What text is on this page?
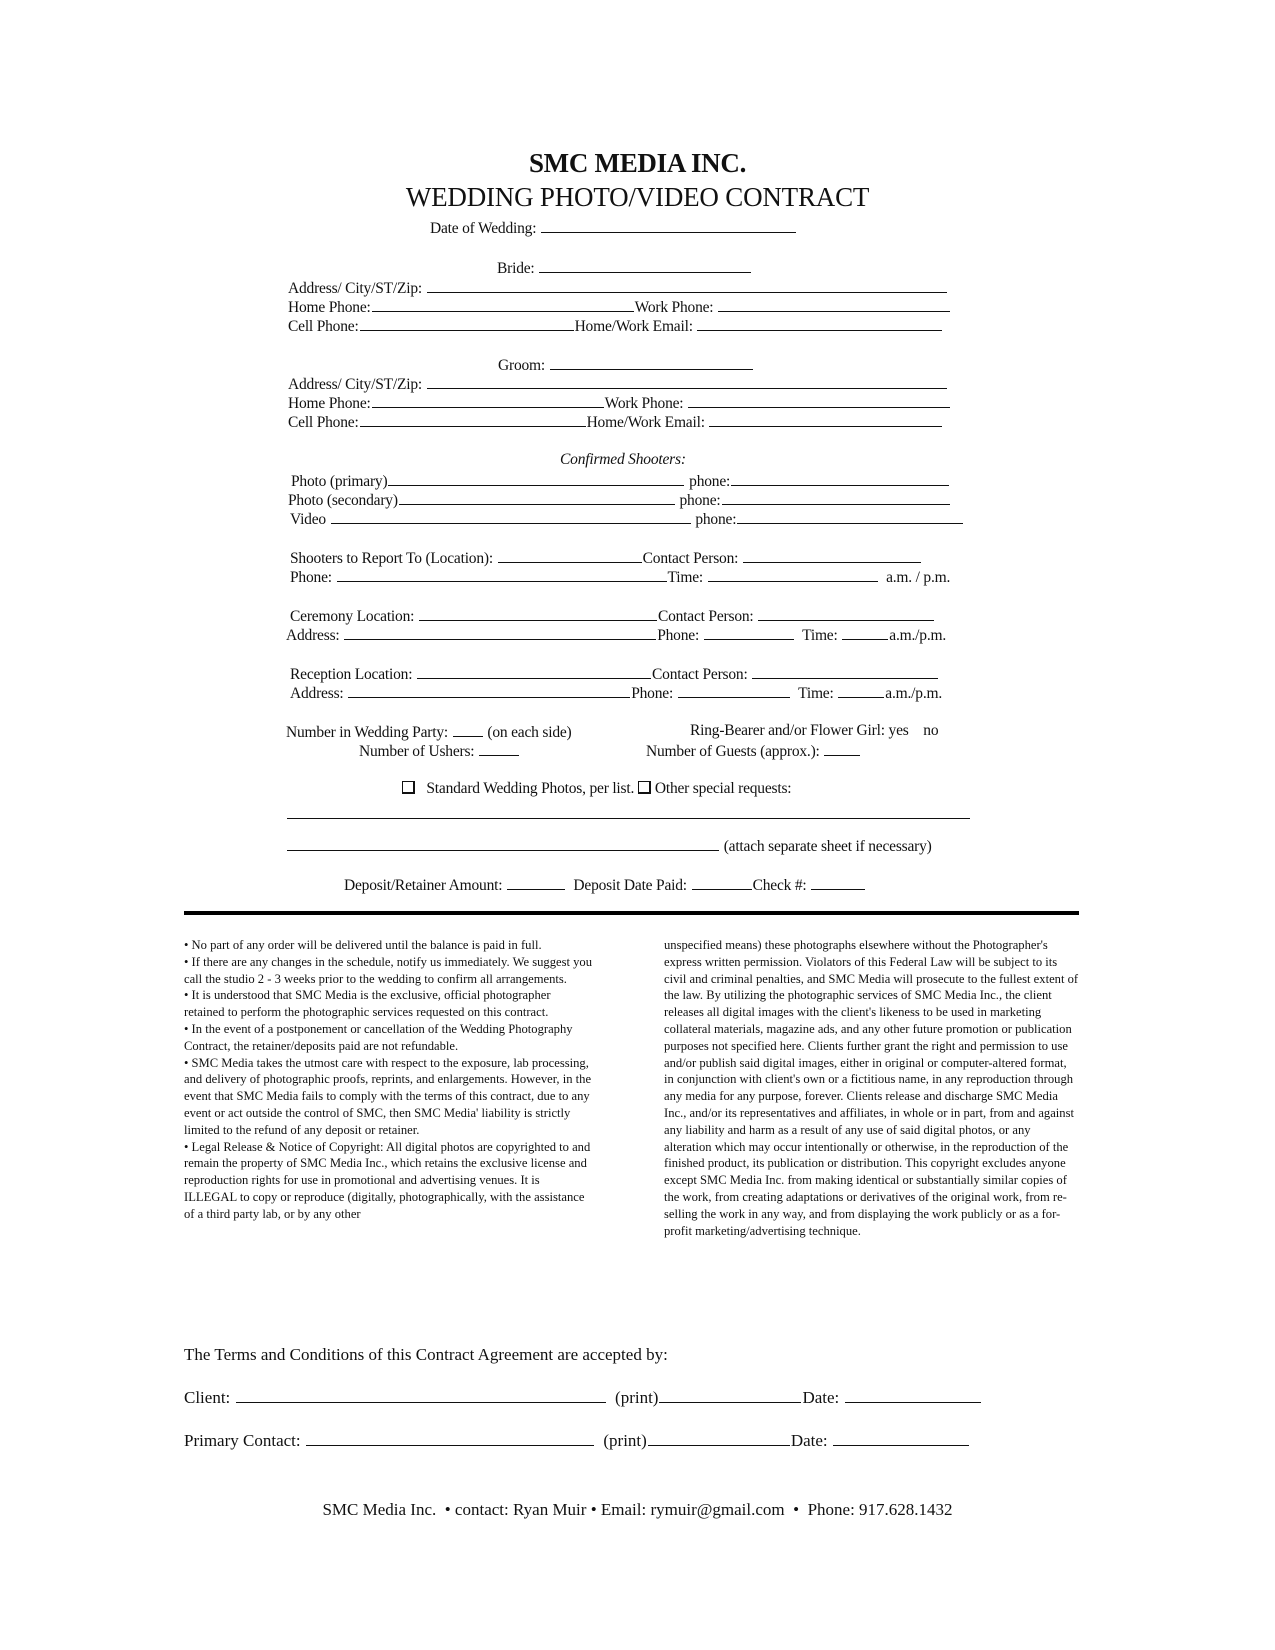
SMC MEDIA INC.
WEDDING PHOTO/VIDEO CONTRACT
Date of Wedding:
Bride:
Address/ City/ST/Zip:
Home Phone:	Work Phone:
Cell Phone:	Home/Work Email:
Groom:
Address/ City/ST/Zip:
Home Phone:	Work Phone:
Cell Phone:	Home/Work Email:
Confirmed Shooters:
Photo (primary)	phone:
Photo (secondary)	phone:
Video	phone:
Shooters to Report To (Location):	Contact Person:
Phone:	Time:	a.m. / p.m.
Ceremony Location:	Contact Person:
Address:	Phone:	Time:	a.m./p.m.
Reception Location:	Contact Person:
Address:	Phone:	Time:	a.m./p.m.
Number in Wedding Party:	(on each side)	Ring-Bearer and/or Flower Girl: yes no
Number of Ushers:	Number of Guests (approx.):
Standard Wedding Photos, per list. Other special requests:
(attach separate sheet if necessary)
Deposit/Retainer Amount:	Deposit Date Paid:	Check #:

• No part of any order will be delivered until the balance is paid in full.

• If there are any changes in the schedule, notify us immediately. We suggest you call the studio 2 - 3 weeks prior to the wedding to confirm all arrangements.

• It is understood that SMC Media is the exclusive, official photographer retained to perform the photographic services requested on this contract.

• In the event of a postponement or cancellation of the Wedding Photography Contract, the retainer/deposits paid are not refundable.

• SMC Media takes the utmost care with respect to the exposure, lab processing, and delivery of photographic proofs, reprints, and enlargements. However, in the event that SMC Media fails to comply with the terms of this contract, due to any event or act outside the control of SMC, then SMC Media' liability is strictly limited to the refund of any deposit or retainer.

• Legal Release & Notice of Copyright: All digital photos are copyrighted to and remain the property of SMC Media Inc., which retains the exclusive license and reproduction rights for use in promotional and advertising venues. It is ILLEGAL to copy or reproduce (digitally, photographically, with the assistance of a third party lab, or by any other

unspecified means) these photographs elsewhere without the Photographer's express written permission. Violators of this Federal Law will be subject to its civil and criminal penalties, and SMC Media will prosecute to the fullest extent of the law. By utilizing the photographic services of SMC Media Inc., the client releases all digital images with the client's likeness to be used in marketing collateral materials, magazine ads, and any other future promotion or publication purposes not specified here. Clients further grant the right and permission to use and/or publish said digital images, either in original or computer-altered format, in conjunction with client's own or a fictitious name, in any reproduction through any media for any purpose, forever. Clients release and discharge SMC Media Inc., and/or its representatives and affiliates, in whole or in part, from and against any liability and harm as a result of any use of said digital photos, or any alteration which may occur intentionally or otherwise, in the reproduction of the finished product, its publication or distribution. This copyright excludes anyone except SMC Media Inc. from making identical or substantially similar copies of the work, from creating adaptations or derivatives of the original work, from re-selling the work in any way, and from displaying the work publicly or as a for-profit marketing/advertising technique.

The Terms and Conditions of this Contract Agreement are accepted by:
Client:	(print)	Date:
Primary Contact:	(print)	Date:
SMC Media Inc.  • contact: Ryan Muir • Email: rymuir@gmail.com  •  Phone: 917.628.1432
